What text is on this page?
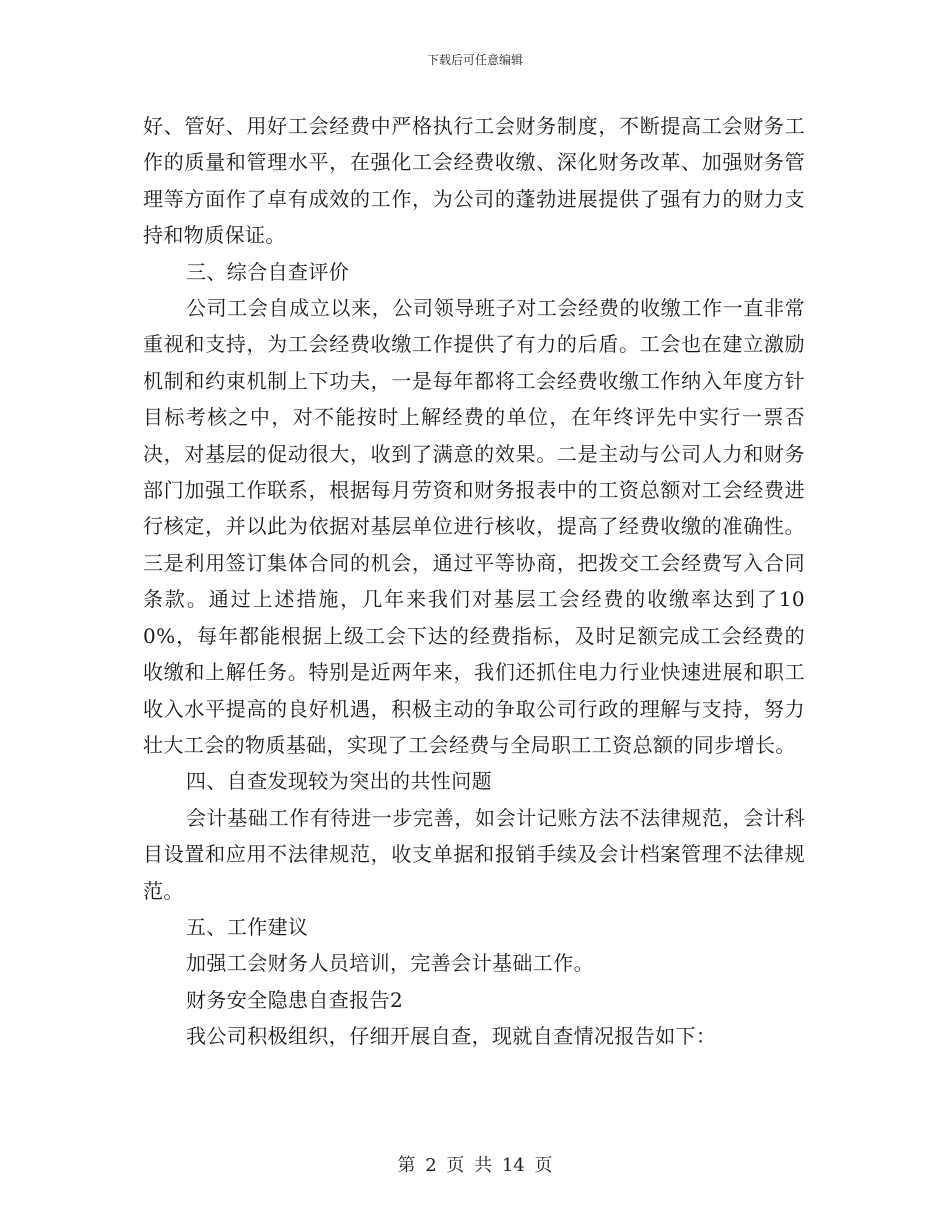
下载后可任意编辑

好、管好、用好工会经费中严格执行工会财务制度，不断提高工会财务工作的质量和管理水平，在强化工会经费收缴、深化财务改革、加强财务管理等方面作了卓有成效的工作，为公司的蓬勃进展提供了强有力的财力支持和物质保证。

三、综合自查评价

公司工会自成立以来，公司领导班子对工会经费的收缴工作一直非常重视和支持，为工会经费收缴工作提供了有力的后盾。工会也在建立激励机制和约束机制上下功夫，一是每年都将工会经费收缴工作纳入年度方针目标考核之中，对不能按时上解经费的单位，在年终评先中实行一票否决，对基层的促动很大，收到了满意的效果。二是主动与公司人力和财务部门加强工作联系，根据每月劳资和财务报表中的工资总额对工会经费进行核定，并以此为依据对基层单位进行核收，提高了经费收缴的准确性。三是利用签订集体合同的机会，通过平等协商，把拨交工会经费写入合同条款。通过上述措施，几年来我们对基层工会经费的收缴率达到了100%，每年都能根据上级工会下达的经费指标，及时足额完成工会经费的收缴和上解任务。特别是近两年来，我们还抓住电力行业快速进展和职工收入水平提高的良好机遇，积极主动的争取公司行政的理解与支持，努力壮大工会的物质基础，实现了工会经费与全局职工工资总额的同步增长。

四、自查发现较为突出的共性问题

会计基础工作有待进一步完善，如会计记账方法不法律规范，会计科目设置和应用不法律规范，收支单据和报销手续及会计档案管理不法律规范。

五、工作建议

加强工会财务人员培训，完善会计基础工作。

财务安全隐患自查报告2

我公司积极组织，仔细开展自查，现就自查情况报告如下：

第 2 页 共 14 页
